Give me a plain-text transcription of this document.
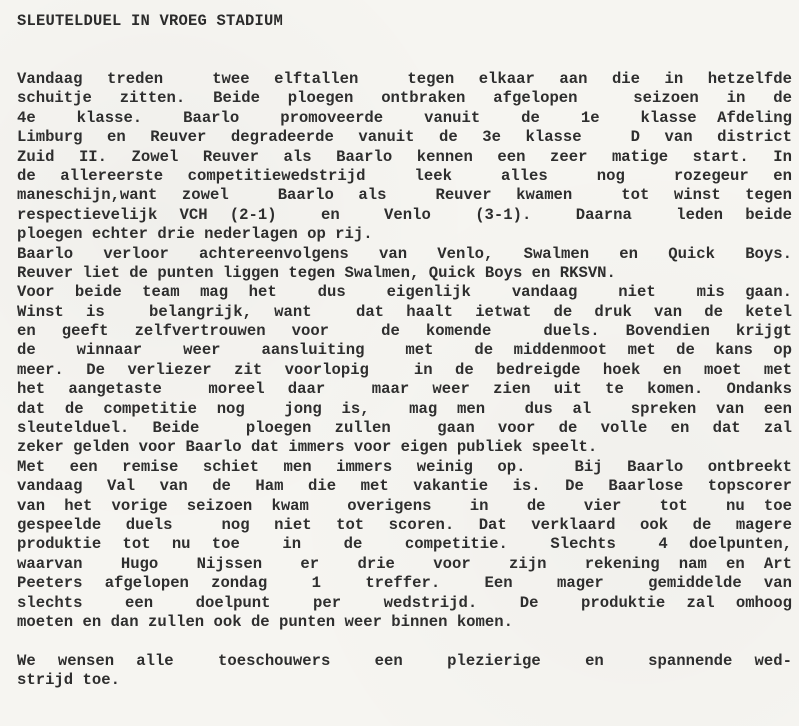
SLEUTELDUEL IN VROEG STADIUM
Vandaag treden  twee elftallen  tegen elkaar aan die in hetzelfde
schuitje zitten. Beide ploegen ontbraken afgelopen  seizoen in de
4e  klasse.  Baarlo  promoveerde  vanuit  de  1e  klasse Afdeling
Limburg en Reuver degradeerde vanuit de 3e klasse  D van district
Zuid II. Zowel Reuver als Baarlo kennen een zeer matige start. In
de allereerste competitiewedstrijd  leek  alles  nog  rozegeur en
maneschijn,want zowel  Baarlo als  Reuver kwamen  tot winst tegen
respectievelijk VCH (2-1)  en  Venlo  (3-1).  Daarna  leden beide
ploegen echter drie nederlagen op rij.
Baarlo verloor achtereenvolgens van Venlo, Swalmen en Quick Boys.
Reuver liet de punten liggen tegen Swalmen, Quick Boys en RKSVN.
Voor beide team mag het  dus  eigenlijk  vandaag  niet  mis gaan.
Winst is  belangrijk, want  dat haalt ietwat de druk van de ketel
en geeft zelfvertrouwen voor  de komende  duels. Bovendien krijgt
de  winnaar  weer  aansluiting  met  de middenmoot met de kans op
meer. De verliezer zit voorlopig  in de bedreigde hoek en moet met
het aangetaste  moreel daar  maar weer zien uit te komen. Ondanks
dat de competitie nog  jong is,  mag men  dus al  spreken van een
sleutelduel. Beide  ploegen zullen  gaan voor de volle en dat zal
zeker gelden voor Baarlo dat immers voor eigen publiek speelt.
Met een remise schiet men immers weinig op.  Bij Baarlo ontbreekt
vandaag Val van de Ham die met vakantie is. De Baarlose topscorer
van het vorige seizoen kwam  overigens  in  de  vier  tot  nu toe
gespeelde duels  nog niet tot scoren. Dat verklaard ook de magere
produktie tot nu toe  in  de  competitie.  Slechts  4 doelpunten,
waarvan  Hugo  Nijssen  er  drie  voor  zijn  rekening nam en Art
Peeters afgelopen zondag  1  treffer.  Een  mager  gemiddelde van
slechts  een  doelpunt  per  wedstrijd.  De  produktie zal omhoog
moeten en dan zullen ook de punten weer binnen komen.
We wensen alle  toeschouwers  een  plezierige  en  spannende wed-
strijd toe.
